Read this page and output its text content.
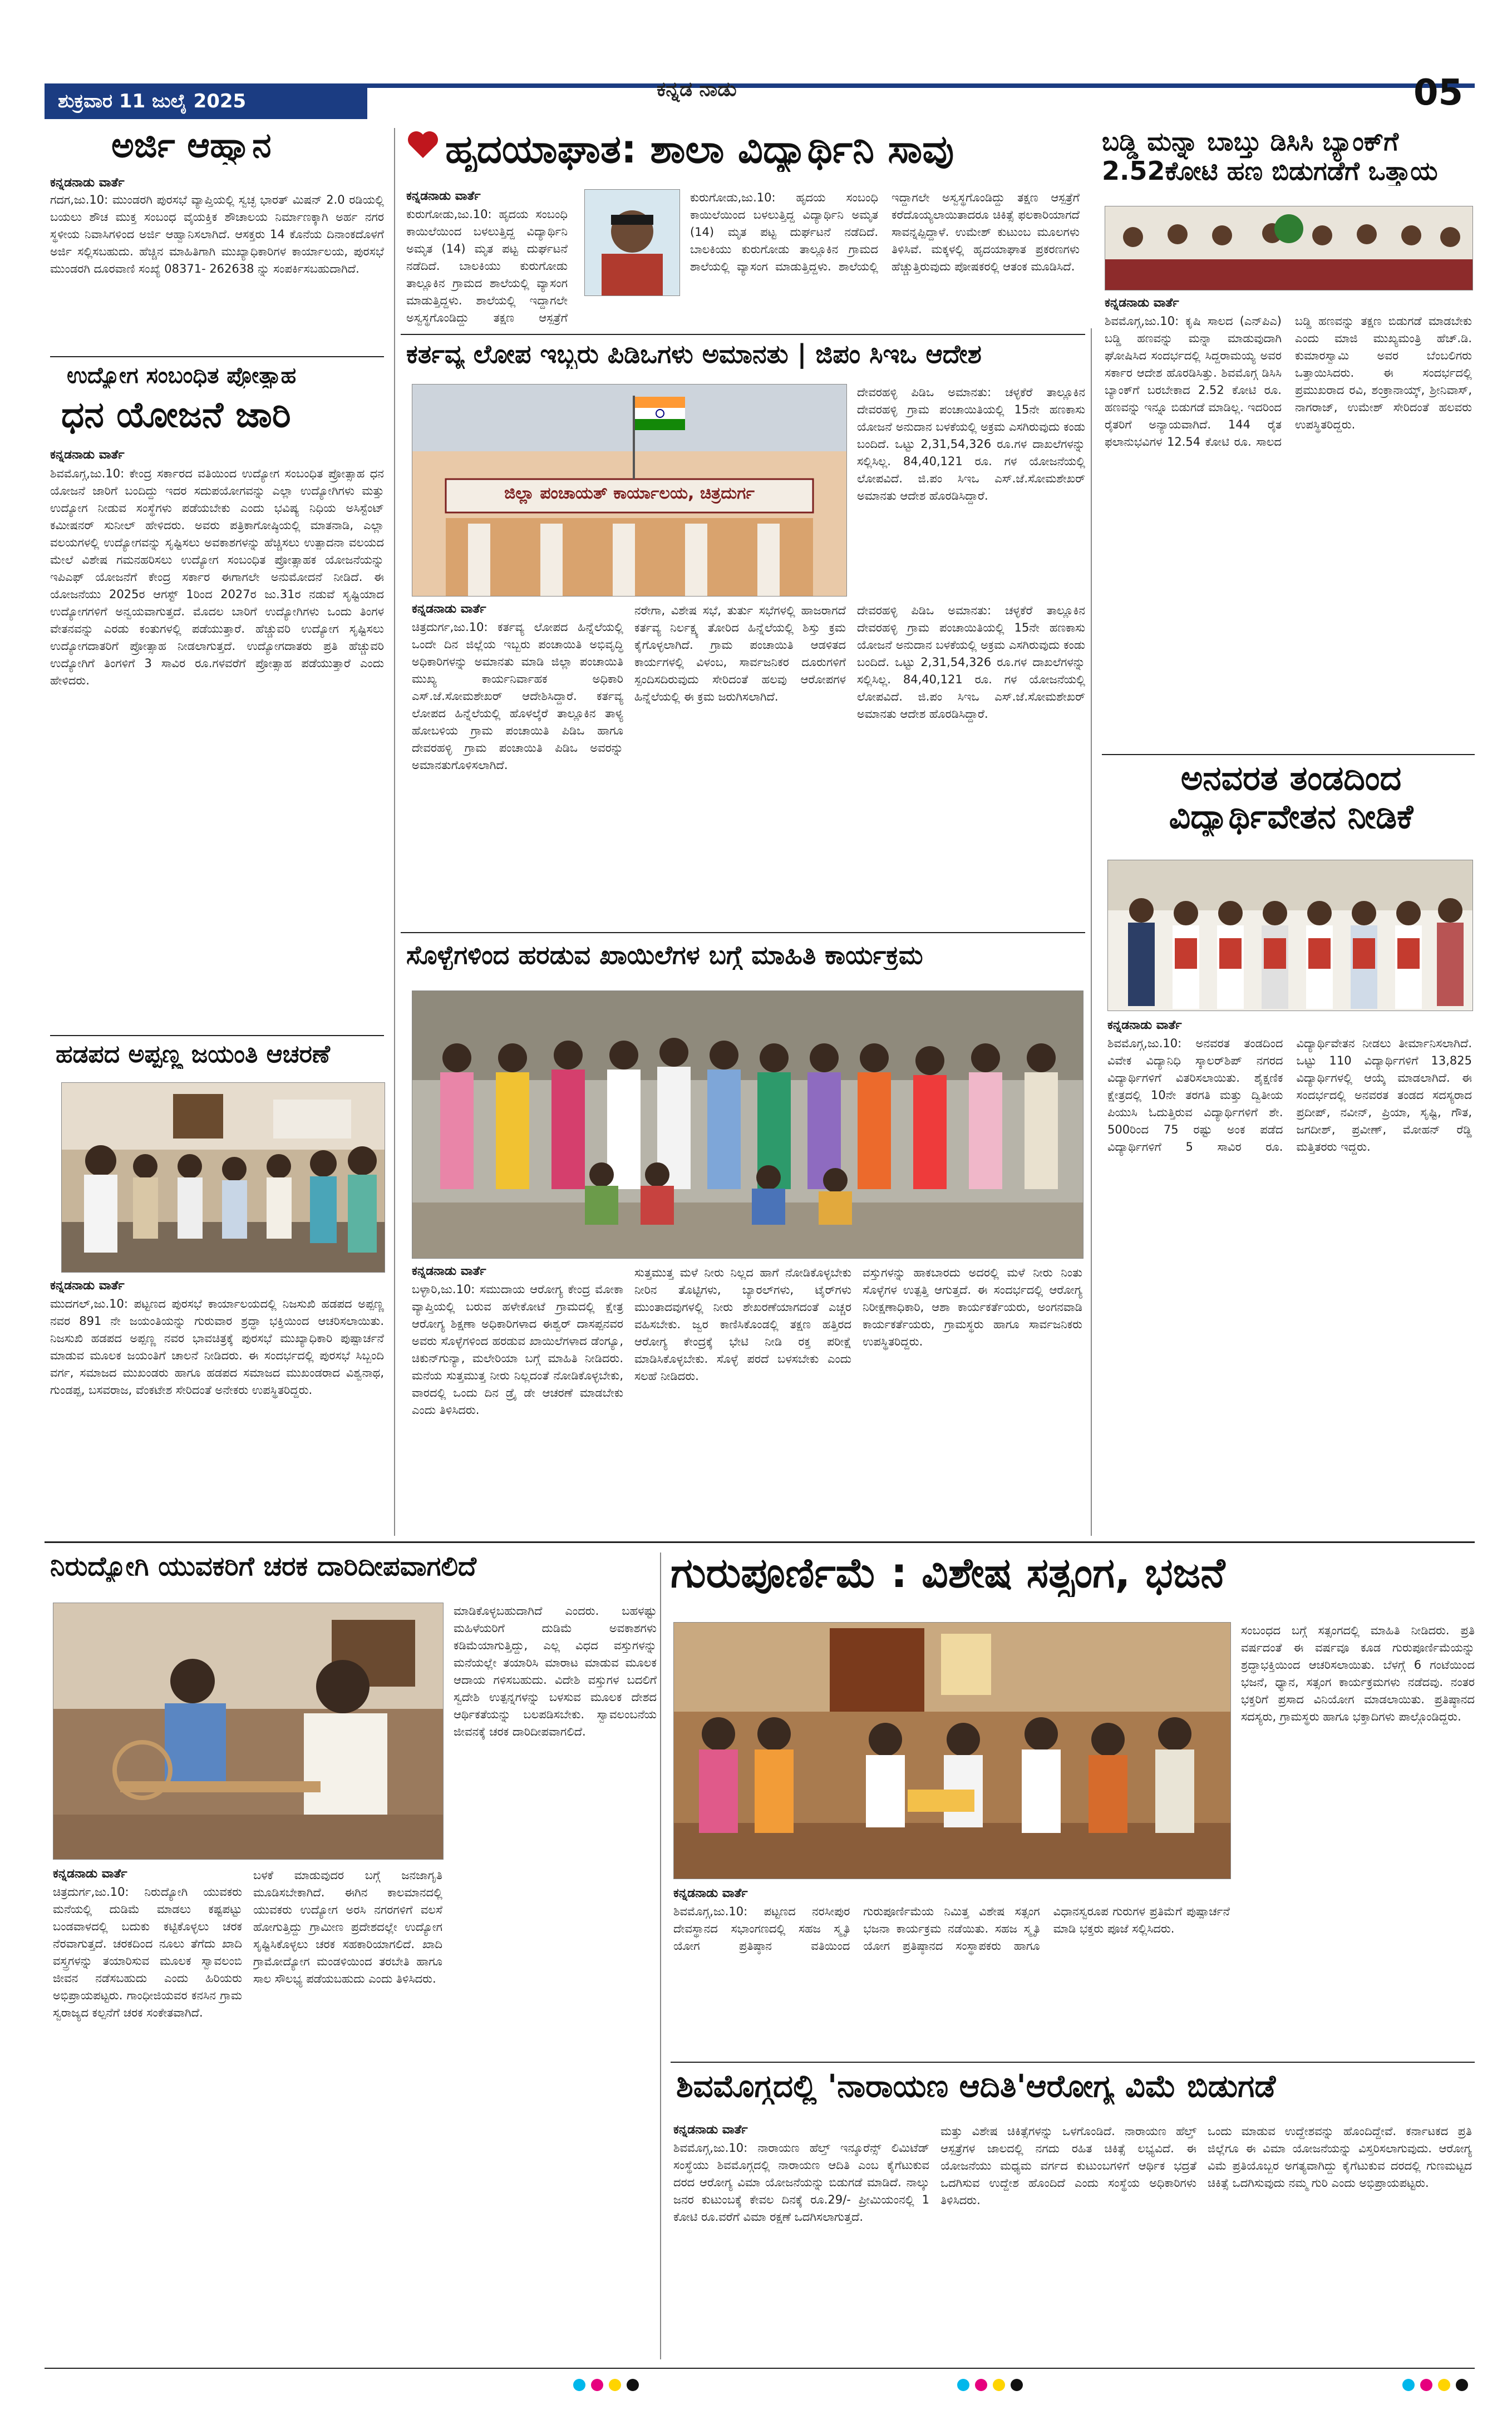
ಶುಕ್ರವಾರ 11 ಜುಲೈ 2025
ಕನ್ನಡ ನಾಡು	05
ಅರ್ಜಿ ಆಹ್ವಾನ
ಕನ್ನಡನಾಡು ವಾರ್ತೆ
ಗದಗ,ಜು.10: ಮುಂಡರಗಿ ಪುರಸಭೆ ವ್ಯಾಪ್ತಿಯಲ್ಲಿ ಸ್ವಚ್ಛ ಭಾರತ್ ಮಿಷನ್ 2.0 ರಡಿಯಲ್ಲಿ ಬಯಲು ಶೌಚ ಮುಕ್ತ ಸಂಬಂಧ ವೈಯಕ್ತಿಕ ಶೌಚಾಲಯ ನಿರ್ಮಾಣಕ್ಕಾಗಿ ಅರ್ಹ ನಗರ ಸ್ಥಳೀಯ ನಿವಾಸಿಗಳಿಂದ ಅರ್ಜಿ ಆಹ್ವಾನಿಸಲಾಗಿದೆ. ಆಸಕ್ತರು 14 ಕೊನೆಯ ದಿನಾಂಕದೊಳಗೆ ಅರ್ಜಿ ಸಲ್ಲಿಸಬಹುದು. ಹೆಚ್ಚಿನ ಮಾಹಿತಿಗಾಗಿ ಮುಖ್ಯಾಧಿಕಾರಿಗಳ ಕಾರ್ಯಾಲಯ, ಪುರಸಭೆ ಮುಂಡರಗಿ ದೂರವಾಣಿ ಸಂಖ್ಯೆ 08371- 262638 ನ್ನು ಸಂಪರ್ಕಿಸಬಹುದಾಗಿದೆ.
ಉದ್ಯೋಗ ಸಂಬಂಧಿತ ಪ್ರೋತ್ಸಾಹ
ಧನ ಯೋಜನೆ ಜಾರಿ
ಕನ್ನಡನಾಡು ವಾರ್ತೆ
ಶಿವಮೊಗ್ಗ,ಜು.10: ಕೇಂದ್ರ ಸರ್ಕಾರದ ವತಿಯಿಂದ ಉದ್ಯೋಗ ಸಂಬಂಧಿತ ಪ್ರೋತ್ಸಾಹ ಧನ ಯೋಜನೆ ಜಾರಿಗೆ ಬಂದಿದ್ದು ಇದರ ಸದುಪಯೋಗವನ್ನು ಎಲ್ಲಾ ಉದ್ಯೋಗಿಗಳು ಮತ್ತು ಉದ್ಯೋಗ ನೀಡುವ ಸಂಸ್ಥೆಗಳು ಪಡೆಯಬೇಕು ಎಂದು ಭವಿಷ್ಯ ನಿಧಿಯ ಅಸಿಸ್ಟೆಂಟ್ ಕಮೀಷನರ್ ಸುನೀಲ್ ಹೇಳಿದರು. ಅವರು ಪತ್ರಿಕಾಗೋಷ್ಠಿಯಲ್ಲಿ ಮಾತನಾಡಿ, ಎಲ್ಲಾ ವಲಯಗಳಲ್ಲಿ ಉದ್ಯೋಗವನ್ನು ಸೃಷ್ಟಿಸಲು ಅವಕಾಶಗಳನ್ನು ಹೆಚ್ಚಿಸಲು ಉತ್ಪಾದನಾ ವಲಯದ ಮೇಲೆ ವಿಶೇಷ ಗಮನಹರಿಸಲು ಉದ್ಯೋಗ ಸಂಬಂಧಿತ ಪ್ರೋತ್ಸಾಹಕ ಯೋಜನೆಯನ್ನು ಇಪಿಎಫ್ ಯೋಜನೆಗೆ ಕೇಂದ್ರ ಸರ್ಕಾರ ಈಗಾಗಲೇ ಅನುಮೋದನೆ ನೀಡಿದೆ. ಈ ಯೋಜನೆಯು 2025ರ ಆಗಸ್ಟ್ 1ರಿಂದ 2027ರ ಜು.31ರ ನಡುವೆ ಸೃಷ್ಟಿಯಾದ ಉದ್ಯೋಗಗಳಿಗೆ ಅನ್ವಯವಾಗುತ್ತದೆ. ಮೊದಲ ಬಾರಿಗೆ ಉದ್ಯೋಗಿಗಳು ಒಂದು ತಿಂಗಳ ವೇತನವನ್ನು ಎರಡು ಕಂತುಗಳಲ್ಲಿ ಪಡೆಯುತ್ತಾರೆ. ಹೆಚ್ಚುವರಿ ಉದ್ಯೋಗ ಸೃಷ್ಟಿಸಲು ಉದ್ಯೋಗದಾತರಿಗೆ ಪ್ರೋತ್ಸಾಹ ನೀಡಲಾಗುತ್ತದೆ. ಉದ್ಯೋಗದಾತರು ಪ್ರತಿ ಹೆಚ್ಚುವರಿ ಉದ್ಯೋಗಿಗೆ ತಿಂಗಳಿಗೆ 3 ಸಾವಿರ ರೂ.ಗಳವರೆಗೆ ಪ್ರೋತ್ಸಾಹ ಪಡೆಯುತ್ತಾರೆ ಎಂದು ಹೇಳಿದರು.
ಹಡಪದ ಅಪ್ಪಣ್ಣ ಜಯಂತಿ ಆಚರಣೆ
ಕನ್ನಡನಾಡು ವಾರ್ತೆ
ಮುದಗಲ್,ಜು.10: ಪಟ್ಟಣದ ಪುರಸಭೆ ಕಾರ್ಯಾಲಯದಲ್ಲಿ ನಿಜಸುಖಿ ಹಡಪದ ಅಪ್ಪಣ್ಣ ನವರ 891 ನೇ ಜಯಂತಿಯನ್ನು ಗುರುವಾರ ಶ್ರದ್ಧಾ ಭಕ್ತಿಯಿಂದ ಆಚರಿಸಲಾಯಿತು. ನಿಜಸುಖಿ ಹಡಪದ ಅಪ್ಪಣ್ಣ ನವರ ಭಾವಚಿತ್ರಕ್ಕೆ ಪುರಸಭೆ ಮುಖ್ಯಾಧಿಕಾರಿ ಪುಷ್ಪಾರ್ಚನೆ ಮಾಡುವ ಮೂಲಕ ಜಯಂತಿಗೆ ಚಾಲನೆ ನೀಡಿದರು. ಈ ಸಂದರ್ಭದಲ್ಲಿ ಪುರಸಭೆ ಸಿಬ್ಬಂದಿ ವರ್ಗ, ಸಮಾಜದ ಮುಖಂಡರು ಹಾಗೂ ಹಡಪದ ಸಮಾಜದ ಮುಖಂಡರಾದ ವಿಶ್ವನಾಥ, ಗುಂಡಪ್ಪ, ಬಸವರಾಜ, ವೆಂಕಟೇಶ ಸೇರಿದಂತೆ ಅನೇಕರು ಉಪಸ್ಥಿತರಿದ್ದರು.
ಹೃದಯಾಘಾತ: ಶಾಲಾ ವಿದ್ಯಾರ್ಥಿನಿ ಸಾವು
ಕನ್ನಡನಾಡು ವಾರ್ತೆ
ಕುರುಗೋಡು,ಜು.10: ಹೃದಯ ಸಂಬಂಧಿ ಕಾಯಿಲೆಯಿಂದ ಬಳಲುತ್ತಿದ್ದ ವಿದ್ಯಾರ್ಥಿನಿ ಅಮೃತ (14) ಮೃತ ಪಟ್ಟ ದುರ್ಘಟನೆ ನಡೆದಿದೆ. ಬಾಲಕಿಯು ಕುರುಗೋಡು ತಾಲ್ಲೂಕಿನ ಗ್ರಾಮದ ಶಾಲೆಯಲ್ಲಿ ವ್ಯಾಸಂಗ ಮಾಡುತ್ತಿದ್ದಳು. ಶಾಲೆಯಲ್ಲಿ ಇದ್ದಾಗಲೇ ಅಸ್ವಸ್ಥಗೊಂಡಿದ್ದು ತಕ್ಷಣ ಆಸ್ಪತ್ರೆಗೆ
ಕುರುಗೋಡು,ಜು.10: ಹೃದಯ ಸಂಬಂಧಿ ಕಾಯಿಲೆಯಿಂದ ಬಳಲುತ್ತಿದ್ದ ವಿದ್ಯಾರ್ಥಿನಿ ಅಮೃತ (14) ಮೃತ ಪಟ್ಟ ದುರ್ಘಟನೆ ನಡೆದಿದೆ. ಬಾಲಕಿಯು ಕುರುಗೋಡು ತಾಲ್ಲೂಕಿನ ಗ್ರಾಮದ ಶಾಲೆಯಲ್ಲಿ ವ್ಯಾಸಂಗ ಮಾಡುತ್ತಿದ್ದಳು. ಶಾಲೆಯಲ್ಲಿ ಇದ್ದಾಗಲೇ ಅಸ್ವಸ್ಥಗೊಂಡಿದ್ದು ತಕ್ಷಣ ಆಸ್ಪತ್ರೆಗೆ ಕರೆದೊಯ್ಯಲಾಯಿತಾದರೂ ಚಿಕಿತ್ಸೆ ಫಲಕಾರಿಯಾಗದೆ ಸಾವನ್ನಪ್ಪಿದ್ದಾಳೆ. ಉಮೇಶ್ ಕುಟುಂಬ ಮೂಲಗಳು ತಿಳಿಸಿವೆ. ಮಕ್ಕಳಲ್ಲಿ ಹೃದಯಾಘಾತ ಪ್ರಕರಣಗಳು ಹೆಚ್ಚುತ್ತಿರುವುದು ಪೋಷಕರಲ್ಲಿ ಆತಂಕ ಮೂಡಿಸಿದೆ.
ಬಡ್ಡಿ ಮನ್ನಾ ಬಾಬ್ತು ಡಿಸಿಸಿ ಬ್ಯಾಂಕ್‌ಗೆ 2.52ಕೋಟಿ ಹಣ ಬಿಡುಗಡೆಗೆ ಒತ್ತಾಯ
ಕನ್ನಡನಾಡು ವಾರ್ತೆ
ಶಿವಮೊಗ್ಗ,ಜು.10: ಕೃಷಿ ಸಾಲದ (ಎನ್‌ಪಿಎ) ಬಡ್ಡಿ ಹಣವನ್ನು ಮನ್ನಾ ಮಾಡುವುದಾಗಿ ಘೋಷಿಸಿದ ಸಂದರ್ಭದಲ್ಲಿ ಸಿದ್ದರಾಮಯ್ಯ ಅವರ ಸರ್ಕಾರ ಆದೇಶ ಹೊರಡಿಸಿತ್ತು. ಶಿವಮೊಗ್ಗ ಡಿಸಿಸಿ ಬ್ಯಾಂಕ್‌ಗೆ ಬರಬೇಕಾದ 2.52 ಕೋಟಿ ರೂ. ಹಣವನ್ನು ಇನ್ನೂ ಬಿಡುಗಡೆ ಮಾಡಿಲ್ಲ. ಇದರಿಂದ ರೈತರಿಗೆ ಅನ್ಯಾಯವಾಗಿದೆ. 144 ರೈತ ಫಲಾನುಭವಿಗಳ 12.54 ಕೋಟಿ ರೂ. ಸಾಲದ ಬಡ್ಡಿ ಹಣವನ್ನು ತಕ್ಷಣ ಬಿಡುಗಡೆ ಮಾಡಬೇಕು ಎಂದು ಮಾಜಿ ಮುಖ್ಯಮಂತ್ರಿ ಹೆಚ್.ಡಿ. ಕುಮಾರಸ್ವಾಮಿ ಅವರ ಬೆಂಬಲಿಗರು ಒತ್ತಾಯಿಸಿದರು. ಈ ಸಂದರ್ಭದಲ್ಲಿ ಪ್ರಮುಖರಾದ ರವಿ, ಶಂಕ್ರಾನಾಯ್ಕ್, ಶ್ರೀನಿವಾಸ್, ನಾಗರಾಜ್, ಉಮೇಶ್ ಸೇರಿದಂತೆ ಹಲವರು ಉಪಸ್ಥಿತರಿದ್ದರು.
ಕರ್ತವ್ಯ ಲೋಪ ಇಬ್ಬರು ಪಿಡಿಒಗಳು ಅಮಾನತು | ಜಿಪಂ ಸಿಇಒ ಆದೇಶ
ಜಿಲ್ಲಾ ಪಂಚಾಯತ್ ಕಾರ್ಯಾಲಯ, ಚಿತ್ರದುರ್ಗ
ದೇವರಹಳ್ಳಿ ಪಿಡಿಒ ಅಮಾನತು: ಚಳ್ಳಕೆರೆ ತಾಲ್ಲೂಕಿನ ದೇವರಹಳ್ಳಿ ಗ್ರಾಮ ಪಂಚಾಯಿತಿಯಲ್ಲಿ 15ನೇ ಹಣಕಾಸು ಯೋಜನೆ ಅನುದಾನ ಬಳಕೆಯಲ್ಲಿ ಅಕ್ರಮ ಎಸಗಿರುವುದು ಕಂಡು ಬಂದಿದೆ. ಒಟ್ಟು 2,31,54,326 ರೂ.ಗಳ ದಾಖಲೆಗಳನ್ನು ಸಲ್ಲಿಸಿಲ್ಲ. 84,40,121 ರೂ. ಗಳ ಯೋಜನೆಯಲ್ಲಿ ಲೋಪವಿದೆ. ಜಿ.ಪಂ ಸಿಇಒ ಎಸ್.ಜೆ.ಸೋಮಶೇಖರ್ ಅಮಾನತು ಆದೇಶ ಹೊರಡಿಸಿದ್ದಾರೆ.
ಕನ್ನಡನಾಡು ವಾರ್ತೆ
ಚಿತ್ರದುರ್ಗ,ಜು.10: ಕರ್ತವ್ಯ ಲೋಪದ ಹಿನ್ನೆಲೆಯಲ್ಲಿ ಒಂದೇ ದಿನ ಜಿಲ್ಲೆಯ ಇಬ್ಬರು ಪಂಚಾಯಿತಿ ಅಭಿವೃದ್ಧಿ ಅಧಿಕಾರಿಗಳನ್ನು ಅಮಾನತು ಮಾಡಿ ಜಿಲ್ಲಾ ಪಂಚಾಯಿತಿ ಮುಖ್ಯ ಕಾರ್ಯನಿರ್ವಾಹಕ ಅಧಿಕಾರಿ ಎಸ್.ಜೆ.ಸೋಮಶೇಖರ್ ಆದೇಶಿಸಿದ್ದಾರೆ. ಕರ್ತವ್ಯ ಲೋಪದ ಹಿನ್ನೆಲೆಯಲ್ಲಿ ಹೊಳಲ್ಕೆರೆ ತಾಲ್ಲೂಕಿನ ತಾಳ್ಯ ಹೋಬಳಿಯ ಗ್ರಾಮ ಪಂಚಾಯಿತಿ ಪಿಡಿಒ ಹಾಗೂ ದೇವರಹಳ್ಳಿ ಗ್ರಾಮ ಪಂಚಾಯಿತಿ ಪಿಡಿಒ ಅವರನ್ನು ಅಮಾನತುಗೊಳಿಸಲಾಗಿದೆ.
ನರೇಗಾ, ವಿಶೇಷ ಸಭೆ, ತುರ್ತು ಸಭೆಗಳಲ್ಲಿ ಹಾಜರಾಗದೆ ಕರ್ತವ್ಯ ನಿರ್ಲಕ್ಷ್ಯ ತೋರಿದ ಹಿನ್ನೆಲೆಯಲ್ಲಿ ಶಿಸ್ತು ಕ್ರಮ ಕೈಗೊಳ್ಳಲಾಗಿದೆ. ಗ್ರಾಮ ಪಂಚಾಯಿತಿ ಆಡಳಿತದ ಕಾರ್ಯಗಳಲ್ಲಿ ವಿಳಂಬ, ಸಾರ್ವಜನಿಕರ ದೂರುಗಳಿಗೆ ಸ್ಪಂದಿಸದಿರುವುದು ಸೇರಿದಂತೆ ಹಲವು ಆರೋಪಗಳ ಹಿನ್ನೆಲೆಯಲ್ಲಿ ಈ ಕ್ರಮ ಜರುಗಿಸಲಾಗಿದೆ.
ದೇವರಹಳ್ಳಿ ಪಿಡಿಒ ಅಮಾನತು: ಚಳ್ಳಕೆರೆ ತಾಲ್ಲೂಕಿನ ದೇವರಹಳ್ಳಿ ಗ್ರಾಮ ಪಂಚಾಯಿತಿಯಲ್ಲಿ 15ನೇ ಹಣಕಾಸು ಯೋಜನೆ ಅನುದಾನ ಬಳಕೆಯಲ್ಲಿ ಅಕ್ರಮ ಎಸಗಿರುವುದು ಕಂಡು ಬಂದಿದೆ. ಒಟ್ಟು 2,31,54,326 ರೂ.ಗಳ ದಾಖಲೆಗಳನ್ನು ಸಲ್ಲಿಸಿಲ್ಲ. 84,40,121 ರೂ. ಗಳ ಯೋಜನೆಯಲ್ಲಿ ಲೋಪವಿದೆ. ಜಿ.ಪಂ ಸಿಇಒ ಎಸ್.ಜೆ.ಸೋಮಶೇಖರ್ ಅಮಾನತು ಆದೇಶ ಹೊರಡಿಸಿದ್ದಾರೆ.
ಅನವರತ ತಂಡದಿಂದ ವಿದ್ಯಾರ್ಥಿವೇತನ ನೀಡಿಕೆ
ಕನ್ನಡನಾಡು ವಾರ್ತೆ
ಶಿವಮೊಗ್ಗ,ಜು.10: ಅನವರತ ತಂಡದಿಂದ ವಿವೇಕ ವಿದ್ಯಾನಿಧಿ ಸ್ಕಾಲರ್‌ಶಿಪ್ ನಗರದ ವಿದ್ಯಾರ್ಥಿಗಳಿಗೆ ವಿತರಿಸಲಾಯಿತು. ಶೈಕ್ಷಣಿಕ ಕ್ಷೇತ್ರದಲ್ಲಿ 10ನೇ ತರಗತಿ ಮತ್ತು ದ್ವಿತೀಯ ಪಿಯುಸಿ ಓದುತ್ತಿರುವ ವಿದ್ಯಾರ್ಥಿಗಳಿಗೆ ಶೇ. 500ರಿಂದ 75 ರಷ್ಟು ಅಂಕ ಪಡೆದ ವಿದ್ಯಾರ್ಥಿಗಳಿಗೆ 5 ಸಾವಿರ ರೂ. ವಿದ್ಯಾರ್ಥಿವೇತನ ನೀಡಲು ತೀರ್ಮಾನಿಸಲಾಗಿದೆ. ಒಟ್ಟು 110 ವಿದ್ಯಾರ್ಥಿಗಳಿಗೆ 13,825 ವಿದ್ಯಾರ್ಥಿಗಳಲ್ಲಿ ಆಯ್ಕೆ ಮಾಡಲಾಗಿದೆ. ಈ ಸಂದರ್ಭದಲ್ಲಿ ಅನವರತ ತಂಡದ ಸದಸ್ಯರಾದ ಪ್ರದೀಪ್, ನವೀನ್, ಪ್ರಿಯಾ, ಸೃಷ್ಟಿ, ಗೌತ, ಜಗದೀಶ್, ಪ್ರವೀಣ್, ಮೋಹನ್ ರೆಡ್ಡಿ ಮತ್ತಿತರರು ಇದ್ದರು.
ಸೊಳ್ಳೆಗಳಿಂದ ಹರಡುವ ಖಾಯಿಲೆಗಳ ಬಗ್ಗೆ ಮಾಹಿತಿ ಕಾರ್ಯಕ್ರಮ
ಕನ್ನಡನಾಡು ವಾರ್ತೆ
ಬಳ್ಳಾರಿ,ಜು.10: ಸಮುದಾಯ ಆರೋಗ್ಯ ಕೇಂದ್ರ ಮೋಕಾ ವ್ಯಾಪ್ತಿಯಲ್ಲಿ ಬರುವ ಹಳೇಕೋಟೆ ಗ್ರಾಮದಲ್ಲಿ ಕ್ಷೇತ್ರ ಆರೋಗ್ಯ ಶಿಕ್ಷಣಾ ಅಧಿಕಾರಿಗಳಾದ ಈಶ್ವರ್ ದಾಸಪ್ಪನವರ ಅವರು ಸೊಳ್ಳೆಗಳಿಂದ ಹರಡುವ ಖಾಯಿಲೆಗಳಾದ ಡೆಂಗ್ಯೂ, ಚಿಕುನ್‌ಗುನ್ಯಾ, ಮಲೇರಿಯಾ ಬಗ್ಗೆ ಮಾಹಿತಿ ನೀಡಿದರು. ಮನೆಯ ಸುತ್ತಮುತ್ತ ನೀರು ನಿಲ್ಲದಂತೆ ನೋಡಿಕೊಳ್ಳಬೇಕು, ವಾರದಲ್ಲಿ ಒಂದು ದಿನ ಡ್ರೈ ಡೇ ಆಚರಣೆ ಮಾಡಬೇಕು ಎಂದು ತಿಳಿಸಿದರು.
ಸುತ್ತಮುತ್ತ ಮಳೆ ನೀರು ನಿಲ್ಲದ ಹಾಗೆ ನೋಡಿಕೊಳ್ಳಬೇಕು ನೀರಿನ ತೊಟ್ಟಿಗಳು, ಬ್ಯಾರಲ್‌ಗಳು, ಟೈರ್‌ಗಳು ಮುಂತಾದವುಗಳಲ್ಲಿ ನೀರು ಶೇಖರಣೆಯಾಗದಂತೆ ಎಚ್ಚರ ವಹಿಸಬೇಕು. ಜ್ವರ ಕಾಣಿಸಿಕೊಂಡಲ್ಲಿ ತಕ್ಷಣ ಹತ್ತಿರದ ಆರೋಗ್ಯ ಕೇಂದ್ರಕ್ಕೆ ಭೇಟಿ ನೀಡಿ ರಕ್ತ ಪರೀಕ್ಷೆ ಮಾಡಿಸಿಕೊಳ್ಳಬೇಕು. ಸೊಳ್ಳೆ ಪರದೆ ಬಳಸಬೇಕು ಎಂದು ಸಲಹೆ ನೀಡಿದರು.
ವಸ್ತುಗಳನ್ನು ಹಾಕಬಾರದು ಅದರಲ್ಲಿ ಮಳೆ ನೀರು ನಿಂತು ಸೊಳ್ಳೆಗಳ ಉತ್ಪತ್ತಿ ಆಗುತ್ತದೆ. ಈ ಸಂದರ್ಭದಲ್ಲಿ ಆರೋಗ್ಯ ನಿರೀಕ್ಷಣಾಧಿಕಾರಿ, ಆಶಾ ಕಾರ್ಯಕರ್ತೆಯರು, ಅಂಗನವಾಡಿ ಕಾರ್ಯಕರ್ತೆಯರು, ಗ್ರಾಮಸ್ಥರು ಹಾಗೂ ಸಾರ್ವಜನಿಕರು ಉಪಸ್ಥಿತರಿದ್ದರು.
ನಿರುದ್ಯೋಗಿ ಯುವಕರಿಗೆ ಚರಕ ದಾರಿದೀಪವಾಗಲಿದೆ
ಮಾಡಿಕೊಳ್ಳಬಹುದಾಗಿದೆ ಎಂದರು. ಬಹಳಷ್ಟು ಮಹಿಳೆಯರಿಗೆ ದುಡಿಮೆ ಅವಕಾಶಗಳು ಕಡಿಮೆಯಾಗುತ್ತಿದ್ದು, ಎಲ್ಲ ವಿಧದ ವಸ್ತುಗಳನ್ನು ಮನೆಯಲ್ಲೇ ತಯಾರಿಸಿ ಮಾರಾಟ ಮಾಡುವ ಮೂಲಕ ಆದಾಯ ಗಳಿಸಬಹುದು. ವಿದೇಶಿ ವಸ್ತುಗಳ ಬದಲಿಗೆ ಸ್ವದೇಶಿ ಉತ್ಪನ್ನಗಳನ್ನು ಬಳಸುವ ಮೂಲಕ ದೇಶದ ಆರ್ಥಿಕತೆಯನ್ನು ಬಲಪಡಿಸಬೇಕು. ಸ್ವಾವಲಂಬನೆಯ ಜೀವನಕ್ಕೆ ಚರಕ ದಾರಿದೀಪವಾಗಲಿದೆ.
ಕನ್ನಡನಾಡು ವಾರ್ತೆ
ಚಿತ್ರದುರ್ಗ,ಜು.10: ನಿರುದ್ಯೋಗಿ ಯುವಕರು ಮನೆಯಲ್ಲಿ ದುಡಿಮೆ ಮಾಡಲು ಕಷ್ಟಪಟ್ಟು ಬಂಡವಾಳದಲ್ಲಿ ಬದುಕು ಕಟ್ಟಿಕೊಳ್ಳಲು ಚರಕ ನೆರವಾಗುತ್ತದೆ. ಚರಕದಿಂದ ನೂಲು ತೆಗೆದು ಖಾದಿ ವಸ್ತ್ರಗಳನ್ನು ತಯಾರಿಸುವ ಮೂಲಕ ಸ್ವಾವಲಂಬಿ ಜೀವನ ನಡೆಸಬಹುದು ಎಂದು ಹಿರಿಯರು ಅಭಿಪ್ರಾಯಪಟ್ಟರು. ಗಾಂಧೀಜಿಯವರ ಕನಸಿನ ಗ್ರಾಮ ಸ್ವರಾಜ್ಯದ ಕಲ್ಪನೆಗೆ ಚರಕ ಸಂಕೇತವಾಗಿದೆ.
ಬಳಕೆ ಮಾಡುವುದರ ಬಗ್ಗೆ ಜನಜಾಗೃತಿ ಮೂಡಿಸಬೇಕಾಗಿದೆ. ಈಗಿನ ಕಾಲಮಾನದಲ್ಲಿ ಯುವಕರು ಉದ್ಯೋಗ ಅರಸಿ ನಗರಗಳಿಗೆ ವಲಸೆ ಹೋಗುತ್ತಿದ್ದು ಗ್ರಾಮೀಣ ಪ್ರದೇಶದಲ್ಲೇ ಉದ್ಯೋಗ ಸೃಷ್ಟಿಸಿಕೊಳ್ಳಲು ಚರಕ ಸಹಕಾರಿಯಾಗಲಿದೆ. ಖಾದಿ ಗ್ರಾಮೋದ್ಯೋಗ ಮಂಡಳಿಯಿಂದ ತರಬೇತಿ ಹಾಗೂ ಸಾಲ ಸೌಲಭ್ಯ ಪಡೆಯಬಹುದು ಎಂದು ತಿಳಿಸಿದರು.
ಗುರುಪೂರ್ಣಿಮೆ : ವಿಶೇಷ ಸತ್ಸಂಗ, ಭಜನೆ
ಸಂಬಂಧದ ಬಗ್ಗೆ ಸತ್ಸಂಗದಲ್ಲಿ ಮಾಹಿತಿ ನೀಡಿದರು. ಪ್ರತಿ ವರ್ಷದಂತೆ ಈ ವರ್ಷವೂ ಕೂಡ ಗುರುಪೂರ್ಣಿಮೆಯನ್ನು ಶ್ರದ್ಧಾಭಕ್ತಿಯಿಂದ ಆಚರಿಸಲಾಯಿತು. ಬೆಳಗ್ಗೆ 6 ಗಂಟೆಯಿಂದ ಭಜನೆ, ಧ್ಯಾನ, ಸತ್ಸಂಗ ಕಾರ್ಯಕ್ರಮಗಳು ನಡೆದವು. ನಂತರ ಭಕ್ತರಿಗೆ ಪ್ರಸಾದ ವಿನಿಯೋಗ ಮಾಡಲಾಯಿತು. ಪ್ರತಿಷ್ಠಾನದ ಸದಸ್ಯರು, ಗ್ರಾಮಸ್ಥರು ಹಾಗೂ ಭಕ್ತಾದಿಗಳು ಪಾಲ್ಗೊಂಡಿದ್ದರು.
ಕನ್ನಡನಾಡು ವಾರ್ತೆ
ಶಿವಮೊಗ್ಗ,ಜು.10: ಪಟ್ಟಣದ ನರಸೀಪುರ ದೇವಸ್ಥಾನದ ಸಭಾಂಗಣದಲ್ಲಿ ಸಹಜ ಸ್ಮೃತಿ ಯೋಗ ಪ್ರತಿಷ್ಠಾನ ವತಿಯಿಂದ ಗುರುಪೂರ್ಣಿಮೆಯ ನಿಮಿತ್ತ ವಿಶೇಷ ಸತ್ಸಂಗ ಭಜನಾ ಕಾರ್ಯಕ್ರಮ ನಡೆಯಿತು. ಸಹಜ ಸ್ಮೃತಿ ಯೋಗ ಪ್ರತಿಷ್ಠಾನದ ಸಂಸ್ಥಾಪಕರು ಹಾಗೂ ವಿಧಾನಸ್ವರೂಪ ಗುರುಗಳ ಪ್ರತಿಮೆಗೆ ಪುಷ್ಪಾರ್ಚನೆ ಮಾಡಿ ಭಕ್ತರು ಪೂಜೆ ಸಲ್ಲಿಸಿದರು.
ಶಿವಮೊಗ್ಗದಲ್ಲಿ 'ನಾರಾಯಣ ಆದಿತಿ'ಆರೋಗ್ಯ ವಿಮೆ ಬಿಡುಗಡೆ
ಕನ್ನಡನಾಡು ವಾರ್ತೆ
ಶಿವಮೊಗ್ಗ,ಜು.10: ನಾರಾಯಣ ಹೆಲ್ತ್ ಇನ್ಶೂರೆನ್ಸ್ ಲಿಮಿಟೆಡ್ ಸಂಸ್ಥೆಯು ಶಿವಮೊಗ್ಗದಲ್ಲಿ ನಾರಾಯಣ ಆದಿತಿ ಎಂಬ ಕೈಗೆಟುಕುವ ದರದ ಆರೋಗ್ಯ ವಿಮಾ ಯೋಜನೆಯನ್ನು ಬಿಡುಗಡೆ ಮಾಡಿದೆ. ನಾಲ್ಕು ಜನರ ಕುಟುಂಬಕ್ಕೆ ಕೇವಲ ದಿನಕ್ಕೆ ರೂ.29/- ಪ್ರೀಮಿಯಂನಲ್ಲಿ 1 ಕೋಟಿ ರೂ.ವರೆಗೆ ವಿಮಾ ರಕ್ಷಣೆ ಒದಗಿಸಲಾಗುತ್ತದೆ.
ಮತ್ತು ವಿಶೇಷ ಚಿಕಿತ್ಸೆಗಳನ್ನು ಒಳಗೊಂಡಿದೆ. ನಾರಾಯಣ ಹೆಲ್ತ್ ಆಸ್ಪತ್ರೆಗಳ ಜಾಲದಲ್ಲಿ ನಗದು ರಹಿತ ಚಿಕಿತ್ಸೆ ಲಭ್ಯವಿದೆ. ಈ ಯೋಜನೆಯು ಮಧ್ಯಮ ವರ್ಗದ ಕುಟುಂಬಗಳಿಗೆ ಆರ್ಥಿಕ ಭದ್ರತೆ ಒದಗಿಸುವ ಉದ್ದೇಶ ಹೊಂದಿದೆ ಎಂದು ಸಂಸ್ಥೆಯ ಅಧಿಕಾರಿಗಳು ತಿಳಿಸಿದರು.
ಒಂದು ಮಾಡುವ ಉದ್ದೇಶವನ್ನು ಹೊಂದಿದ್ದೇವೆ. ಕರ್ನಾಟಕದ ಪ್ರತಿ ಜಿಲ್ಲೆಗೂ ಈ ವಿಮಾ ಯೋಜನೆಯನ್ನು ವಿಸ್ತರಿಸಲಾಗುವುದು. ಆರೋಗ್ಯ ವಿಮೆ ಪ್ರತಿಯೊಬ್ಬರ ಅಗತ್ಯವಾಗಿದ್ದು ಕೈಗೆಟುಕುವ ದರದಲ್ಲಿ ಗುಣಮಟ್ಟದ ಚಿಕಿತ್ಸೆ ಒದಗಿಸುವುದು ನಮ್ಮ ಗುರಿ ಎಂದು ಅಭಿಪ್ರಾಯಪಟ್ಟರು.
